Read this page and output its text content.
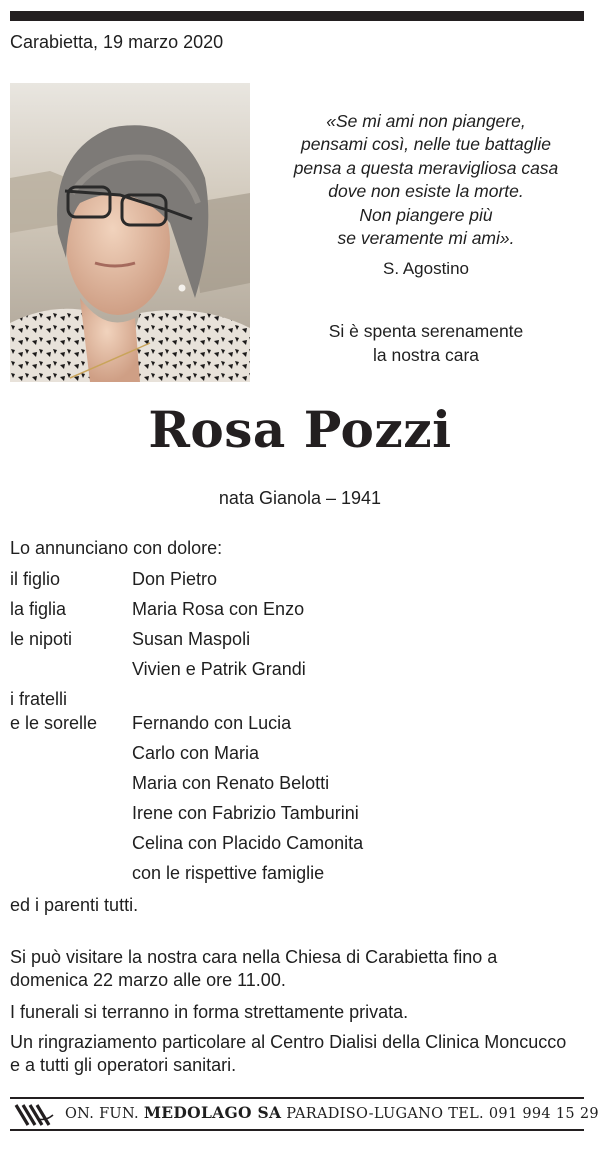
Carabietta, 19 marzo 2020
«Se mi ami non piangere,
pensami così, nelle tue battaglie
pensa a questa meravigliosa casa
dove non esiste la morte.
Non piangere più
se veramente mi ami».
S. Agostino
Si è spenta serenamente
la nostra cara
Rosa Pozzi
nata Gianola – 1941
Lo annunciano con dolore:
il figlio	Don Pietro
la figlia	Maria Rosa con Enzo
le nipoti	Susan Maspoli
Vivien e Patrik Grandi
i fratelli
e le sorelle	Fernando con Lucia
Carlo con Maria
Maria con Renato Belotti
Irene con Fabrizio Tamburini
Celina con Placido Camonita
con le rispettive famiglie
ed i parenti tutti.
Si può visitare la nostra cara nella Chiesa di Carabietta fino a
domenica 22 marzo alle ore 11.00.
I funerali si terranno in forma strettamente privata.
Un ringraziamento particolare al Centro Dialisi della Clinica Moncucco
e a tutti gli operatori sanitari.
ON. FUN. MEDOLAGO SA PARADISO-LUGANO TEL. 091 994 15 29
